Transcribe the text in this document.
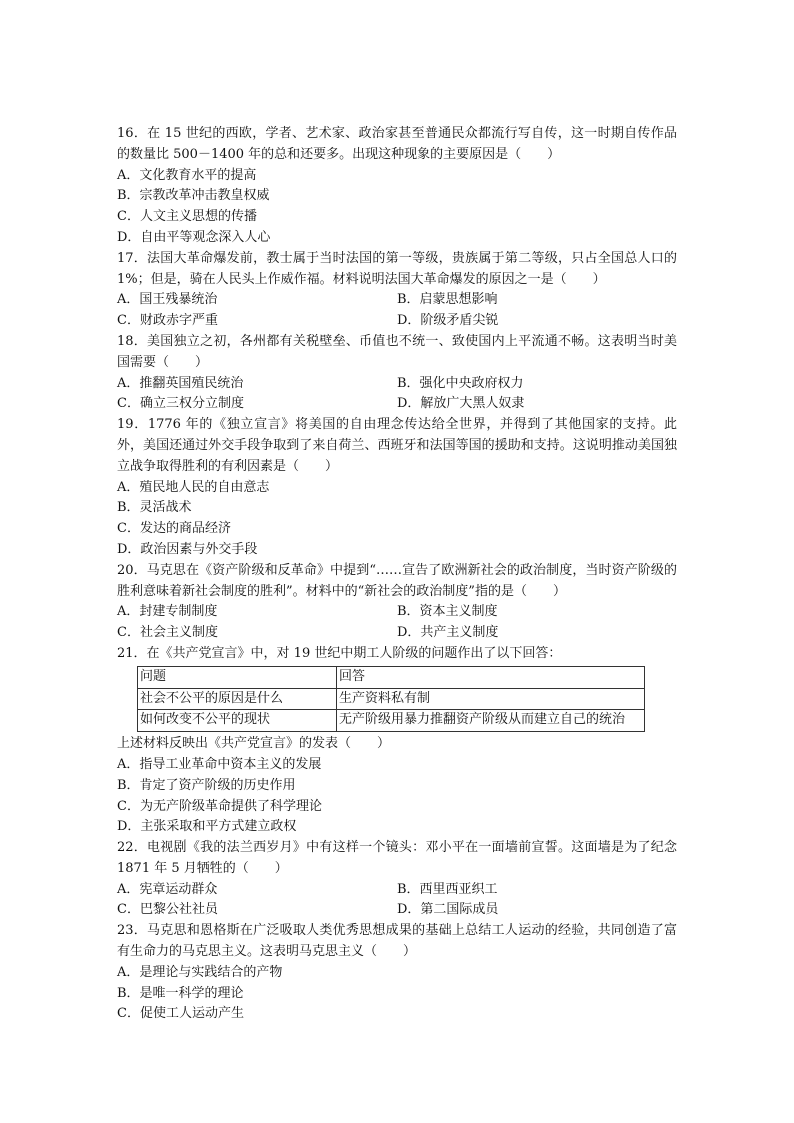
16．在 15 世纪的西欧，学者、艺术家、政治家甚至普通民众都流行写自传，这一时期自传作品的数量比 500－1400 年的总和还要多。出现这种现象的主要原因是（　　）
A．文化教育水平的提高
B．宗教改革冲击教皇权威
C．人文主义思想的传播
D．自由平等观念深入人心
17．法国大革命爆发前，教士属于当时法国的第一等级，贵族属于第二等级，只占全国总人口的 1%；但是，骑在人民头上作威作福。材料说明法国大革命爆发的原因之一是（　　）
A．国王残暴统治	B．启蒙思想影响
C．财政赤字严重	D．阶级矛盾尖锐
18．美国独立之初，各州都有关税壁垒、币值也不统一、致使国内上平流通不畅。这表明当时美国需要（　　）
A．推翻英国殖民统治	B．强化中央政府权力
C．确立三权分立制度	D．解放广大黑人奴隶
19．1776 年的《独立宣言》将美国的自由理念传达给全世界，并得到了其他国家的支持。此外，美国还通过外交手段争取到了来自荷兰、西班牙和法国等国的援助和支持。这说明推动美国独立战争取得胜利的有利因素是（　　）
A．殖民地人民的自由意志
B．灵活战术
C．发达的商品经济
D．政治因素与外交手段
20．马克思在《资产阶级和反革命》中提到“……宣告了欧洲新社会的政治制度，当时资产阶级的胜利意味着新社会制度的胜利”。材料中的“新社会的政治制度”指的是（　　）
A．封建专制制度	B．资本主义制度
C．社会主义制度	D．共产主义制度
21．在《共产党宣言》中，对 19 世纪中期工人阶级的问题作出了以下回答：
问题	回答
社会不公平的原因是什么	生产资料私有制
如何改变不公平的现状	无产阶级用暴力推翻资产阶级从而建立自己的统治
上述材料反映出《共产党宣言》的发表（　　）
A．指导工业革命中资本主义的发展
B．肯定了资产阶级的历史作用
C．为无产阶级革命提供了科学理论
D．主张采取和平方式建立政权
22．电视剧《我的法兰西岁月》中有这样一个镜头：邓小平在一面墙前宣誓。这面墙是为了纪念 1871 年 5 月牺牲的（　　）
A．宪章运动群众	B．西里西亚织工
C．巴黎公社社员	D．第二国际成员
23．马克思和恩格斯在广泛吸取人类优秀思想成果的基础上总结工人运动的经验，共同创造了富有生命力的马克思主义。这表明马克思主义（　　）
A．是理论与实践结合的产物
B．是唯一科学的理论
C．促使工人运动产生
